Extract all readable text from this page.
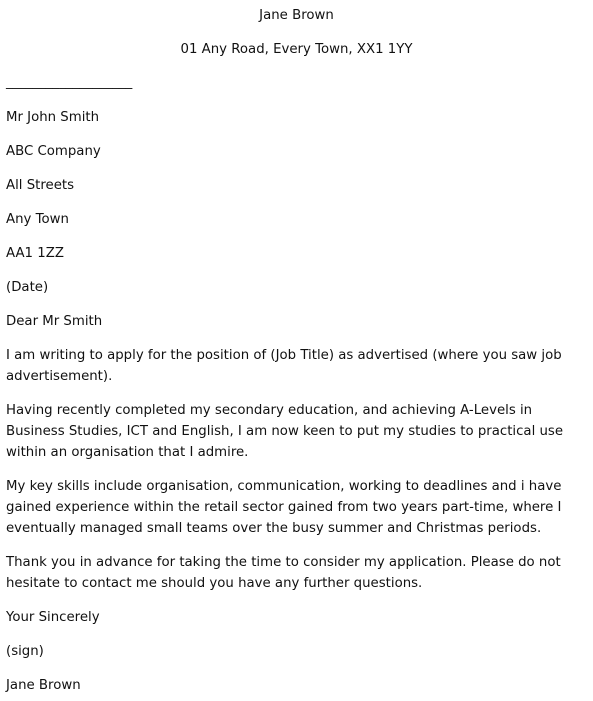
Jane Brown
01 Any Road, Every Town, XX1 1YY
___________________
Mr John Smith
ABC Company
All Streets
Any Town
AA1 1ZZ
(Date)
Dear Mr Smith
I am writing to apply for the position of (Job Title) as advertised (where you saw job advertisement).
Having recently completed my secondary education, and achieving A-Levels in Business Studies, ICT and English, I am now keen to put my studies to practical use within an organisation that I admire.
My key skills include organisation, communication, working to deadlines and i have gained experience within the retail sector gained from two years part-time, where I eventually managed small teams over the busy summer and Christmas periods.
Thank you in advance for taking the time to consider my application. Please do not hesitate to contact me should you have any further questions.
Your Sincerely
(sign)
Jane Brown
